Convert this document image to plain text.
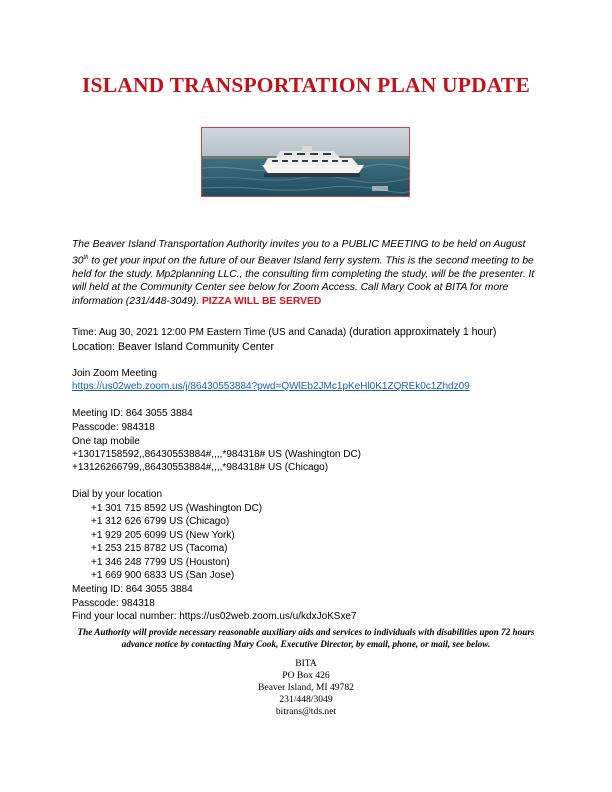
ISLAND TRANSPORTATION PLAN UPDATE
The Beaver Island Transportation Authority invites you to a PUBLIC MEETING to be held on August 30th to get your input on the future of our Beaver Island ferry system. This is the second meeting to be held for the study. Mp2planning LLC., the consulting firm completing the study, will be the presenter. It will held at the Community Center see below for Zoom Access. Call Mary Cook at BITA for more information (231/448-3049). PIZZA WILL BE SERVED
Time: Aug 30, 2021 12:00 PM Eastern Time (US and Canada) (duration approximately 1 hour)
Location: Beaver Island Community Center
Join Zoom Meeting
https://us02web.zoom.us/j/86430553884?pwd=QWlEb2JMc1pKeHl0K1ZQREk0c1Zhdz09
Meeting ID: 864 3055 3884
Passcode: 984318
One tap mobile
+13017158592,,86430553884#,,,,*984318# US (Washington DC)
+13126266799,,86430553884#,,,,*984318# US (Chicago)
Dial by your location
+1 301 715 8592 US (Washington DC)
+1 312 626 6799 US (Chicago)
+1 929 205 6099 US (New York)
+1 253 215 8782 US (Tacoma)
+1 346 248 7799 US (Houston)
+1 669 900 6833 US (San Jose)
Meeting ID: 864 3055 3884
Passcode: 984318
Find your local number: https://us02web.zoom.us/u/kdxJoKSxe7
The Authority will provide necessary reasonable auxiliary aids and services to individuals with disabilities upon 72 hours advance notice by contacting Mary Cook, Executive Director, by email, phone, or mail, see below.
BITA
PO Box 426
Beaver Island, MI 49782
231/448/3049
bitrans@tds.net
